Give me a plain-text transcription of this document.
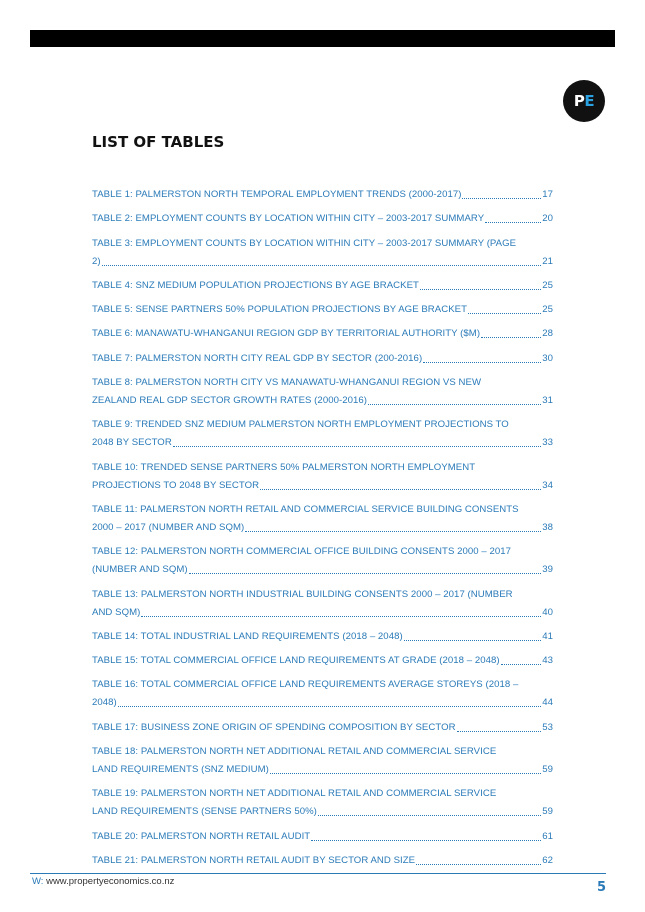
P E
LIST OF TABLES
TABLE 1: PALMERSTON NORTH TEMPORAL EMPLOYMENT TRENDS (2000-2017)	17
TABLE 2: EMPLOYMENT COUNTS BY LOCATION WITHIN CITY – 2003-2017 SUMMARY	20
TABLE 3: EMPLOYMENT COUNTS BY LOCATION WITHIN CITY – 2003-2017 SUMMARY (PAGE
2)	21
TABLE 4: SNZ MEDIUM POPULATION PROJECTIONS BY AGE BRACKET	25
TABLE 5: SENSE PARTNERS 50% POPULATION PROJECTIONS BY AGE BRACKET	25
TABLE 6: MANAWATU-WHANGANUI REGION GDP BY TERRITORIAL AUTHORITY ($M)	28
TABLE 7: PALMERSTON NORTH CITY REAL GDP BY SECTOR (200-2016)	30
TABLE 8: PALMERSTON NORTH CITY VS MANAWATU-WHANGANUI REGION VS NEW
ZEALAND REAL GDP SECTOR GROWTH RATES (2000-2016)	31
TABLE 9: TRENDED SNZ MEDIUM PALMERSTON NORTH EMPLOYMENT PROJECTIONS TO
2048 BY SECTOR	33
TABLE 10: TRENDED SENSE PARTNERS 50% PALMERSTON NORTH EMPLOYMENT
PROJECTIONS TO 2048 BY SECTOR	34
TABLE 11: PALMERSTON NORTH RETAIL AND COMMERCIAL SERVICE BUILDING CONSENTS
2000 – 2017 (NUMBER AND SQM)	38
TABLE 12: PALMERSTON NORTH COMMERCIAL OFFICE BUILDING CONSENTS 2000 – 2017
(NUMBER AND SQM)	39
TABLE 13: PALMERSTON NORTH INDUSTRIAL BUILDING CONSENTS 2000 – 2017 (NUMBER
AND SQM)	40
TABLE 14: TOTAL INDUSTRIAL LAND REQUIREMENTS (2018 – 2048)	41
TABLE 15: TOTAL COMMERCIAL OFFICE LAND REQUIREMENTS AT GRADE (2018 – 2048)	43
TABLE 16: TOTAL COMMERCIAL OFFICE LAND REQUIREMENTS AVERAGE STOREYS (2018 –
2048)	44
TABLE 17: BUSINESS ZONE ORIGIN OF SPENDING COMPOSITION BY SECTOR	53
TABLE 18: PALMERSTON NORTH NET ADDITIONAL RETAIL AND COMMERCIAL SERVICE
LAND REQUIREMENTS (SNZ MEDIUM)	59
TABLE 19: PALMERSTON NORTH NET ADDITIONAL RETAIL AND COMMERCIAL SERVICE
LAND REQUIREMENTS (SENSE PARTNERS 50%)	59
TABLE 20: PALMERSTON NORTH RETAIL AUDIT	61
TABLE 21: PALMERSTON NORTH RETAIL AUDIT BY SECTOR AND SIZE	62
W: www.propertyeconomics.co.nz	5
